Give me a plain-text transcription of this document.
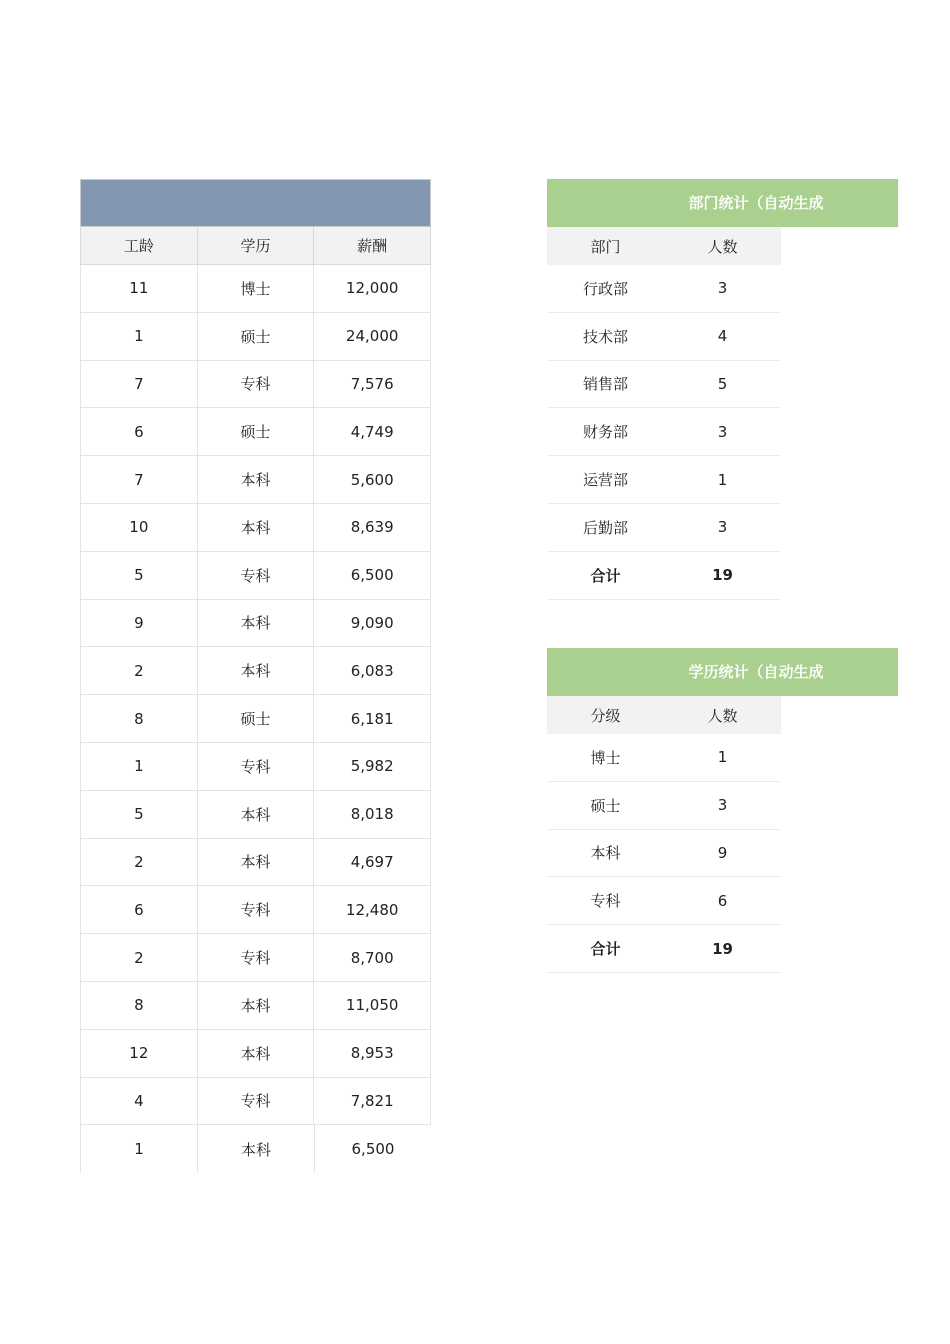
工龄	学历	薪酬
11	博士	12,000
1	硕士	24,000
7	专科	7,576
6	硕士	4,749
7	本科	5,600
10	本科	8,639
5	专科	6,500
9	本科	9,090
2	本科	6,083
8	硕士	6,181
1	专科	5,982
5	本科	8,018
2	本科	4,697
6	专科	12,480
2	专科	8,700
8	本科	11,050
12	本科	8,953
4	专科	7,821
1	本科	6,500
部门统计（自动生成
部门	人数
行政部	3
技术部	4
销售部	5
财务部	3
运营部	1
后勤部	3
合计	19
学历统计（自动生成
分级	人数
博士	1
硕士	3
本科	9
专科	6
合计	19
